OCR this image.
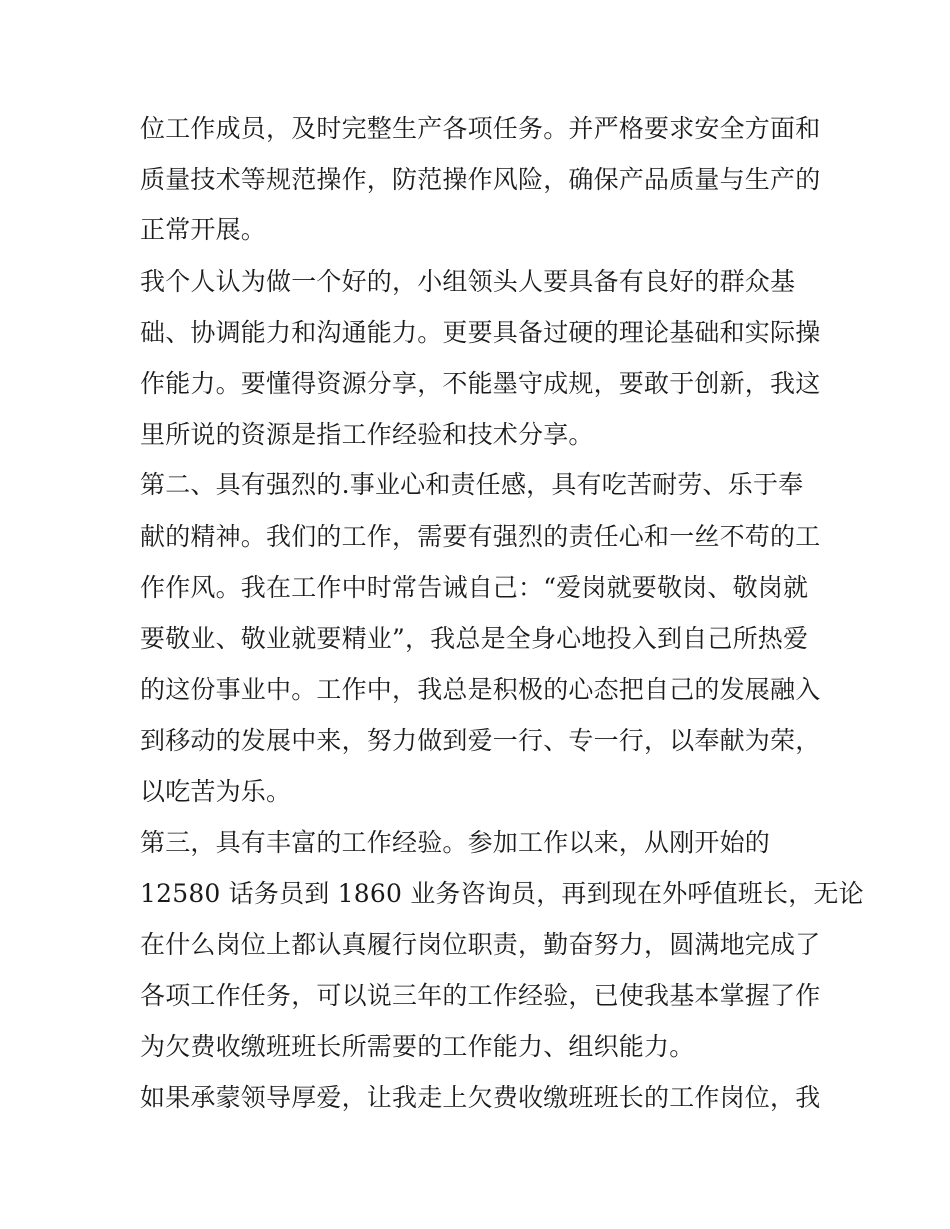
位工作成员，及时完整生产各项任务。并严格要求安全方面和
质量技术等规范操作，防范操作风险，确保产品质量与生产的
正常开展。
我个人认为做一个好的，小组领头人要具备有良好的群众基
础、协调能力和沟通能力。更要具备过硬的理论基础和实际操
作能力。要懂得资源分享，不能墨守成规，要敢于创新，我这
里所说的资源是指工作经验和技术分享。
第二、具有强烈的.事业心和责任感，具有吃苦耐劳、乐于奉
献的精神。我们的工作，需要有强烈的责任心和一丝不苟的工
作作风。我在工作中时常告诫自己：“爱岗就要敬岗、敬岗就
要敬业、敬业就要精业”，我总是全身心地投入到自己所热爱
的这份事业中。工作中，我总是积极的心态把自己的发展融入
到移动的发展中来，努力做到爱一行、专一行，以奉献为荣，
以吃苦为乐。
第三，具有丰富的工作经验。参加工作以来，从刚开始的
12580 话务员到 1860 业务咨询员，再到现在外呼值班长，无论
在什么岗位上都认真履行岗位职责，勤奋努力，圆满地完成了
各项工作任务，可以说三年的工作经验，已使我基本掌握了作
为欠费收缴班班长所需要的工作能力、组织能力。
如果承蒙领导厚爱，让我走上欠费收缴班班长的工作岗位，我
